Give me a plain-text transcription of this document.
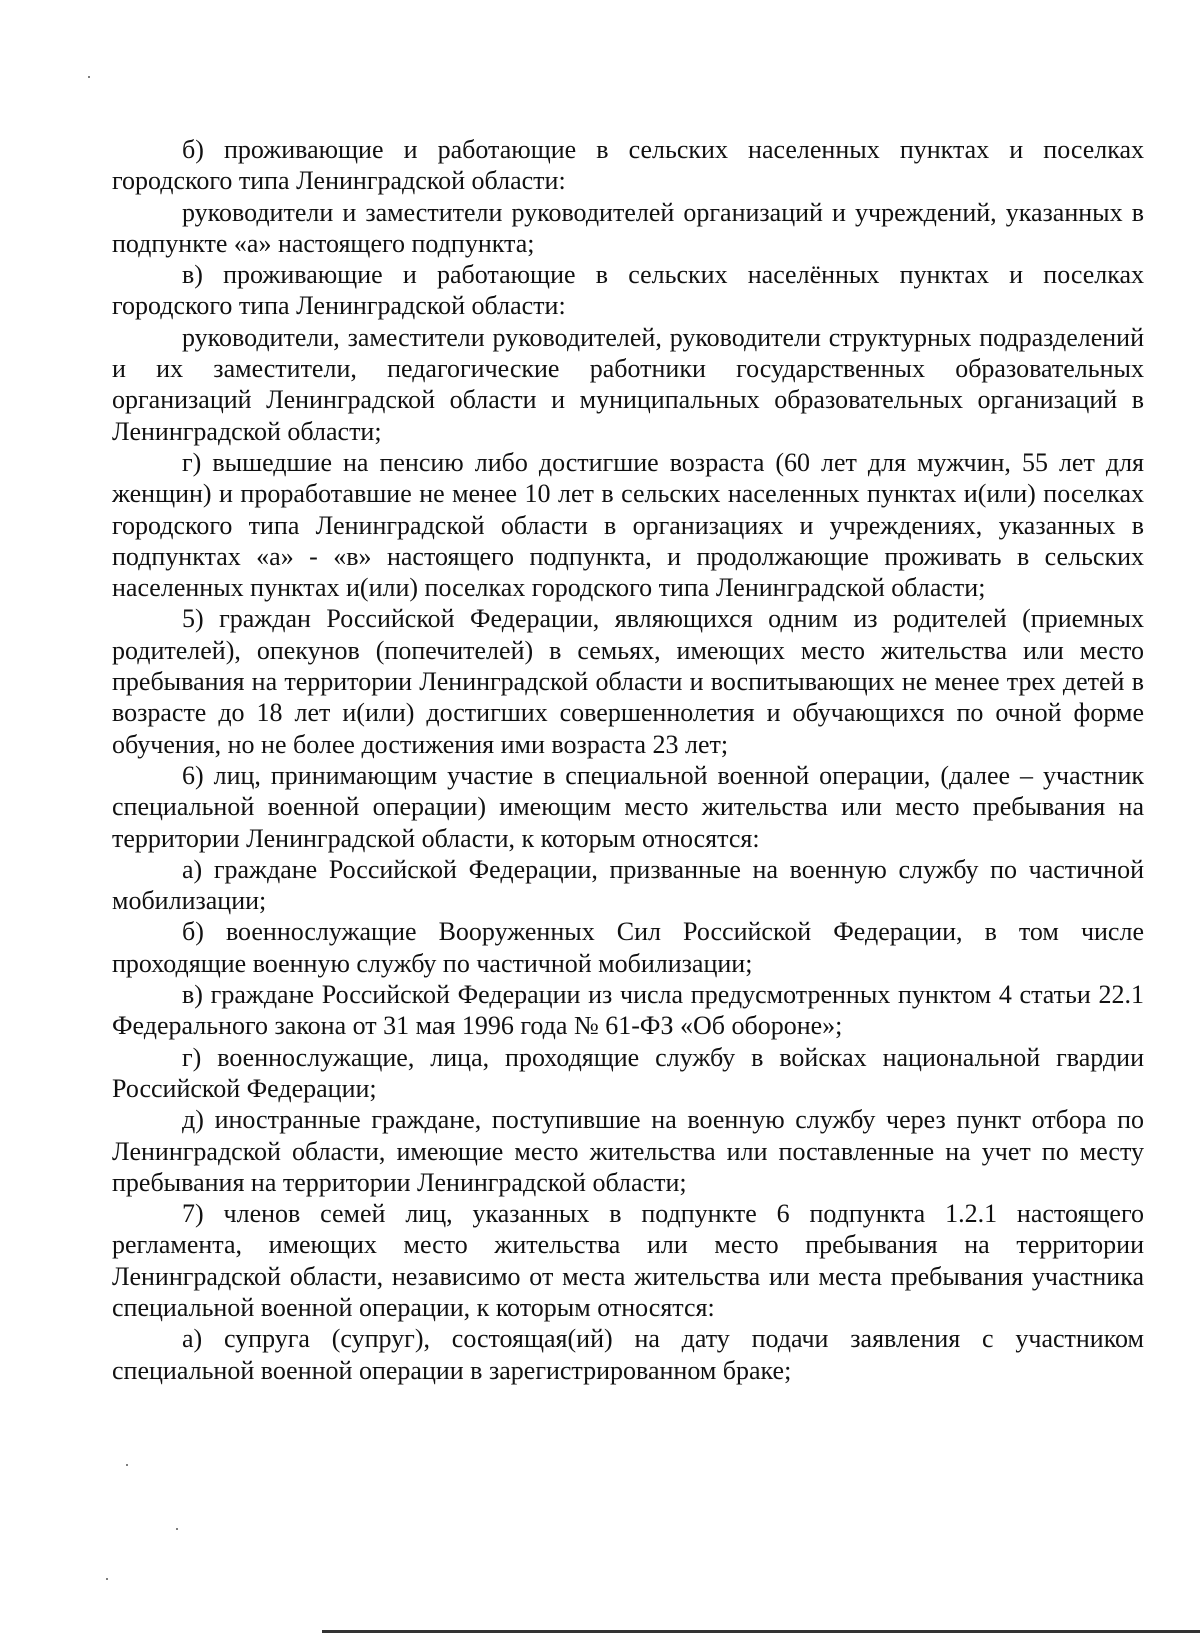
б) проживающие и работающие в сельских населенных пунктах и поселках городского типа Ленинградской области:

руководители и заместители руководителей организаций и учреждений, указанных в подпункте «а» настоящего подпункта;

в) проживающие и работающие в сельских населённых пунктах и поселках городского типа Ленинградской области:

руководители, заместители руководителей, руководители структурных подразделений и их заместители, педагогические работники государственных образовательных организаций Ленинградской области и муниципальных образовательных организаций в Ленинградской области;

г) вышедшие на пенсию либо достигшие возраста (60 лет для мужчин, 55 лет для женщин) и проработавшие не менее 10 лет в сельских населенных пунктах и(или) поселках городского типа Ленинградской области в организациях и учреждениях, указанных в подпунктах «а» - «в» настоящего подпункта, и продолжающие проживать в сельских населенных пунктах и(или) поселках городского типа Ленинградской области;

5) граждан Российской Федерации, являющихся одним из родителей (приемных родителей), опекунов (попечителей) в семьях, имеющих место жительства или место пребывания на территории Ленинградской области и воспитывающих не менее трех детей в возрасте до 18 лет и(или) достигших совершеннолетия и обучающихся по очной форме обучения, но не более достижения ими возраста 23 лет;

6) лиц, принимающим участие в специальной военной операции, (далее – участник специальной военной операции) имеющим место жительства или место пребывания на территории Ленинградской области, к которым относятся:

а) граждане Российской Федерации, призванные на военную службу по частичной мобилизации;

б) военнослужащие Вооруженных Сил Российской Федерации, в том числе проходящие военную службу по частичной мобилизации;

в) граждане Российской Федерации из числа предусмотренных пунктом 4 статьи 22.1 Федерального закона от 31 мая 1996 года № 61-ФЗ «Об обороне»;

г) военнослужащие, лица, проходящие службу в войсках национальной гвардии Российской Федерации;

д) иностранные граждане, поступившие на военную службу через пункт отбора по Ленинградской области, имеющие место жительства или поставленные на учет по месту пребывания на территории Ленинградской области;

7) членов семей лиц, указанных в подпункте 6 подпункта 1.2.1 настоящего регламента, имеющих место жительства или место пребывания на территории Ленинградской области, независимо от места жительства или места пребывания участника специальной военной операции, к которым относятся:

а) супруга (супруг), состоящая(ий) на дату подачи заявления с участником специальной военной операции в зарегистрированном браке;
